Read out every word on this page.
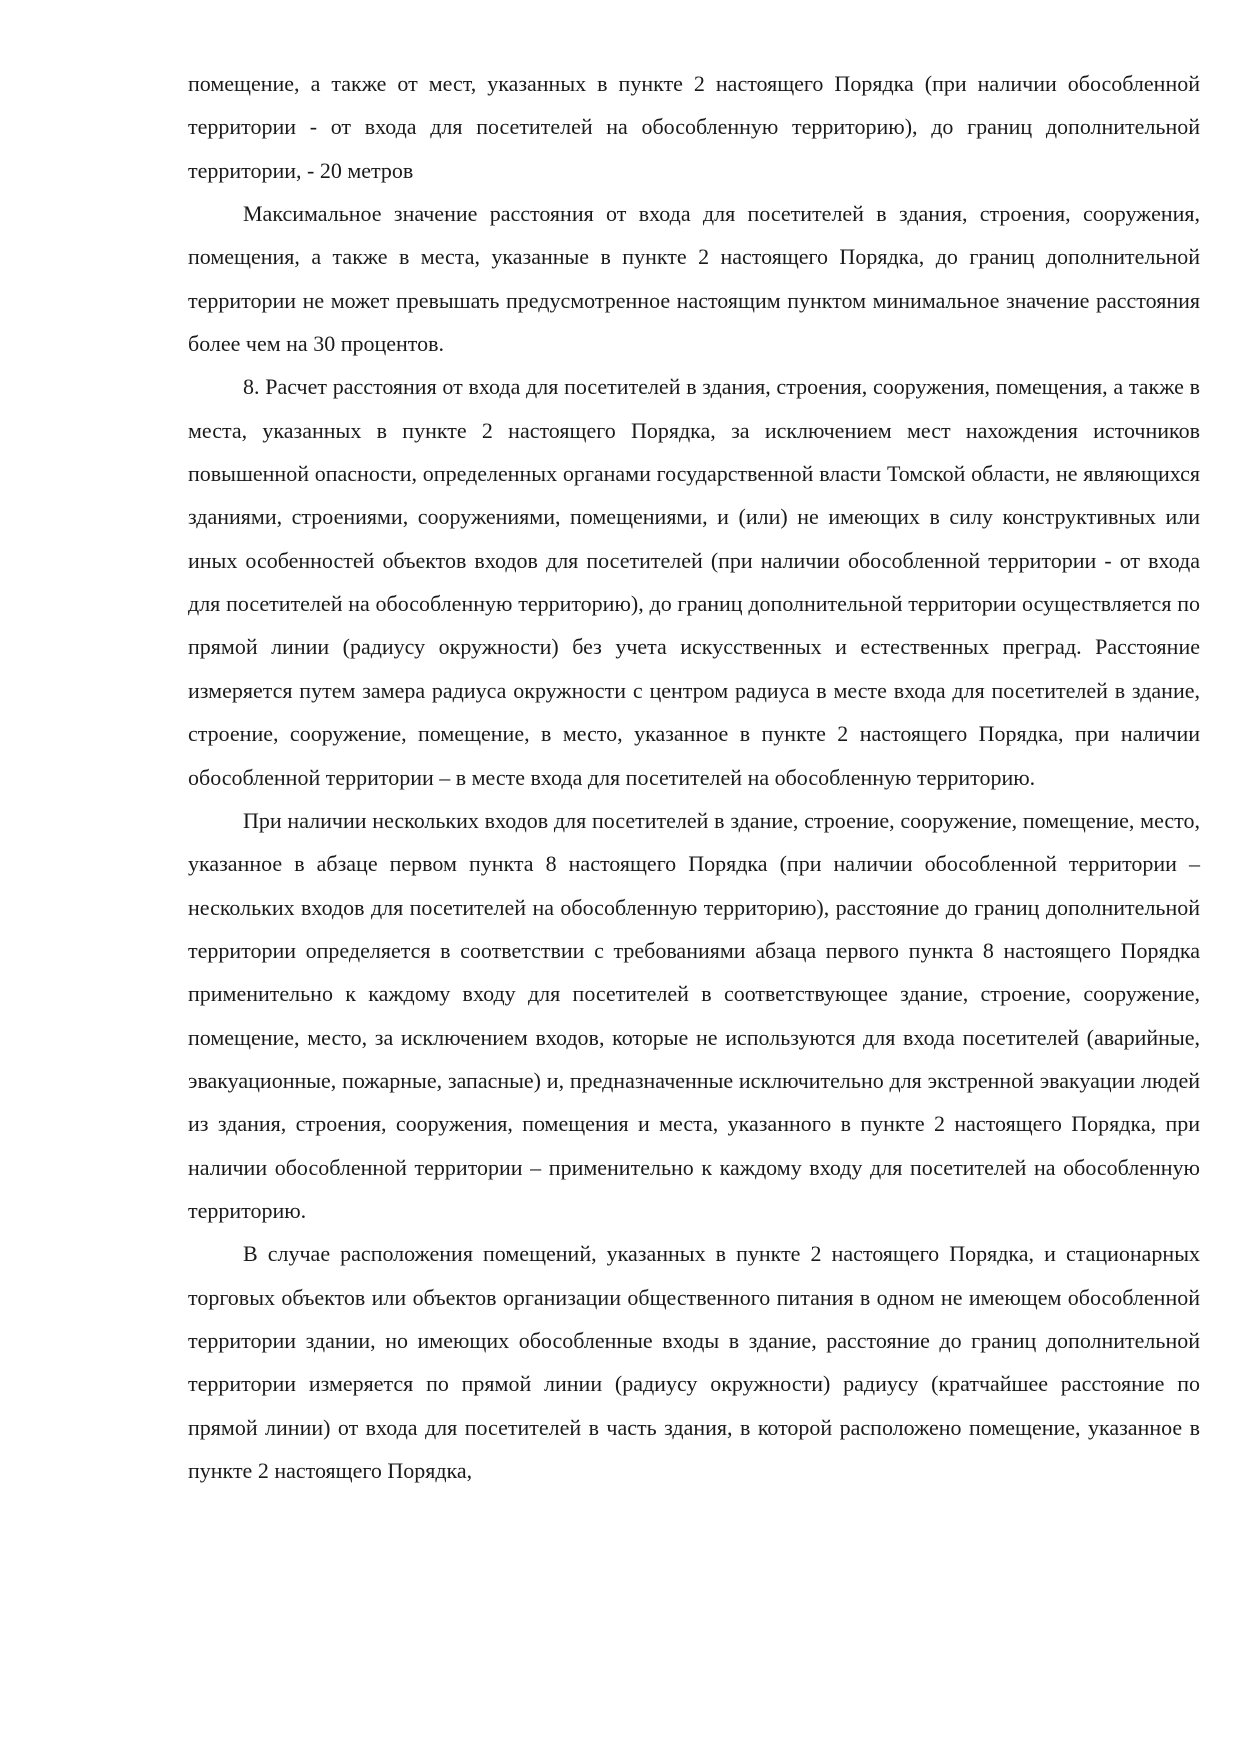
помещение, а также от мест, указанных в пункте 2 настоящего Порядка (при наличии обособленной территории - от входа для посетителей на обособленную территорию), до границ дополнительной территории, - 20 метров

Максимальное значение расстояния от входа для посетителей в здания, строения, сооружения, помещения, а также в места, указанные в пункте 2 настоящего Порядка, до границ дополнительной территории не может превышать предусмотренное настоящим пунктом минимальное значение расстояния более чем на 30 процентов.

8. Расчет расстояния от входа для посетителей в здания, строения, сооружения, помещения, а также в места, указанных в пункте 2 настоящего Порядка, за исключением мест нахождения источников повышенной опасности, определенных органами государственной власти Томской области, не являющихся зданиями, строениями, сооружениями, помещениями, и (или) не имеющих в силу конструктивных или иных особенностей объектов входов для посетителей (при наличии обособленной территории - от входа для посетителей на обособленную территорию), до границ дополнительной территории осуществляется по прямой линии (радиусу окружности) без учета искусственных и естественных преград. Расстояние измеряется путем замера радиуса окружности с центром радиуса в месте входа для посетителей в здание, строение, сооружение, помещение, в место, указанное в пункте 2 настоящего Порядка, при наличии обособленной территории – в месте входа для посетителей на обособленную территорию.

При наличии нескольких входов для посетителей в здание, строение, сооружение, помещение, место, указанное в абзаце первом пункта 8 настоящего Порядка (при наличии обособленной территории – нескольких входов для посетителей на обособленную территорию), расстояние до границ дополнительной территории определяется в соответствии с требованиями абзаца первого пункта 8 настоящего Порядка применительно к каждому входу для посетителей в соответствующее здание, строение, сооружение, помещение, место, за исключением входов, которые не используются для входа посетителей (аварийные, эвакуационные, пожарные, запасные) и, предназначенные исключительно для экстренной эвакуации людей из здания, строения, сооружения, помещения и места, указанного в пункте 2 настоящего Порядка, при наличии обособленной территории – применительно к каждому входу для посетителей на обособленную территорию.

В случае расположения помещений, указанных в пункте 2 настоящего Порядка, и стационарных торговых объектов или объектов организации общественного питания в одном не имеющем обособленной территории здании, но имеющих обособленные входы в здание, расстояние до границ дополнительной территории измеряется по прямой линии (радиусу окружности) радиусу (кратчайшее расстояние по прямой линии) от входа для посетителей в часть здания, в которой расположено помещение, указанное в пункте 2 настоящего Порядка,
